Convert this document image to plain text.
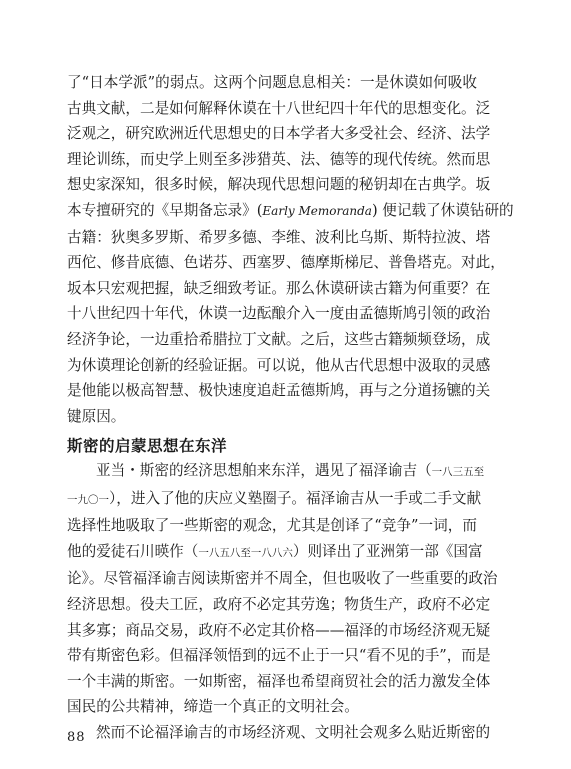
了“日本学派”的弱点。这两个问题息息相关：一是休谟如何吸收
古典文献，二是如何解释休谟在十八世纪四十年代的思想变化。泛
泛观之，研究欧洲近代思想史的日本学者大多受社会、经济、法学
理论训练，而史学上则至多涉猎英、法、德等的现代传统。然而思
想史家深知，很多时候，解决现代思想问题的秘钥却在古典学。坂
本专擅研究的《早期备忘录》(Early Memoranda) 便记载了休谟钻研的
古籍：狄奥多罗斯、希罗多德、李维、波利比乌斯、斯特拉波、塔
西佗、修昔底德、色诺芬、西塞罗、德摩斯梯尼、普鲁塔克。对此，
坂本只宏观把握，缺乏细致考证。那么休谟研读古籍为何重要？在
十八世纪四十年代，休谟一边酝酿介入一度由孟德斯鸠引领的政治
经济争论，一边重拾希腊拉丁文献。之后，这些古籍频频登场，成
为休谟理论创新的经验证据。可以说，他从古代思想中汲取的灵感
是他能以极高智慧、极快速度追赶孟德斯鸠，再与之分道扬镳的关
键原因。
斯密的启蒙思想在东洋
亚当・斯密的经济思想舶来东洋，遇见了福泽谕吉（一八三五至
一九〇一），进入了他的庆应义塾圈子。福泽谕吉从一手或二手文献
选择性地吸取了一些斯密的观念，尤其是创译了“竞争”一词，而
他的爱徒石川暎作（一八五八至一八八六）则译出了亚洲第一部《国富
论》。尽管福泽谕吉阅读斯密并不周全，但也吸收了一些重要的政治
经济思想。役夫工匠，政府不必定其劳逸；物货生产，政府不必定
其多寡；商品交易，政府不必定其价格——福泽的市场经济观无疑
带有斯密色彩。但福泽领悟到的远不止于一只“看不见的手”，而是
一个丰满的斯密。一如斯密，福泽也希望商贸社会的活力激发全体
国民的公共精神，缔造一个真正的文明社会。
然而不论福泽谕吉的市场经济观、文明社会观多么贴近斯密的
88
